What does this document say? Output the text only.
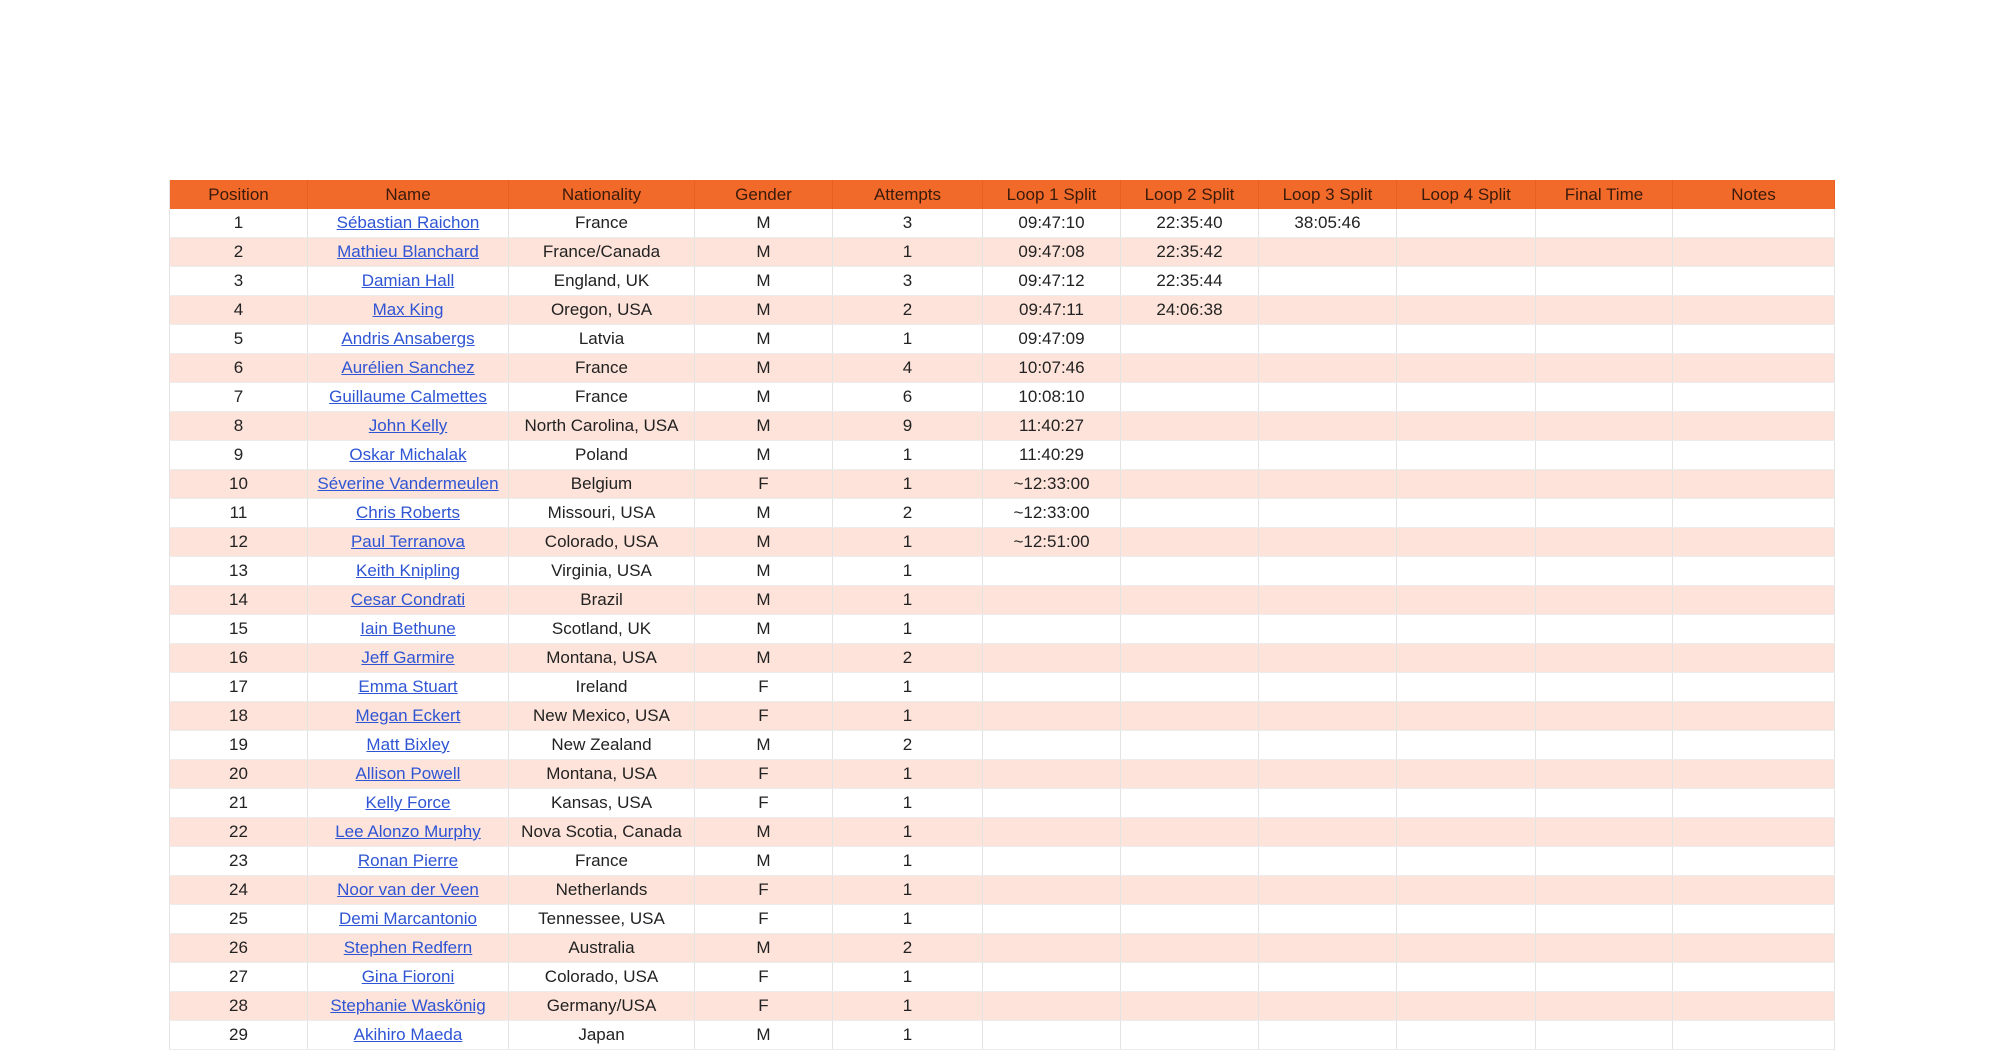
Position	Name	Nationality	Gender	Attempts	Loop 1 Split	Loop 2 Split	Loop 3 Split	Loop 4 Split	Final Time	Notes
1	Sébastian Raichon	France	M	3	09:47:10	22:35:40	38:05:46			
2	Mathieu Blanchard	France/Canada	M	1	09:47:08	22:35:42				
3	Damian Hall	England, UK	M	3	09:47:12	22:35:44				
4	Max King	Oregon, USA	M	2	09:47:11	24:06:38				
5	Andris Ansabergs	Latvia	M	1	09:47:09					
6	Aurélien Sanchez	France	M	4	10:07:46					
7	Guillaume Calmettes	France	M	6	10:08:10					
8	John Kelly	North Carolina, USA	M	9	11:40:27					
9	Oskar Michalak	Poland	M	1	11:40:29					
10	Séverine Vandermeulen	Belgium	F	1	~12:33:00					
11	Chris Roberts	Missouri, USA	M	2	~12:33:00					
12	Paul Terranova	Colorado, USA	M	1	~12:51:00					
13	Keith Knipling	Virginia, USA	M	1						
14	Cesar Condrati	Brazil	M	1						
15	Iain Bethune	Scotland, UK	M	1						
16	Jeff Garmire	Montana, USA	M	2						
17	Emma Stuart	Ireland	F	1						
18	Megan Eckert	New Mexico, USA	F	1						
19	Matt Bixley	New Zealand	M	2						
20	Allison Powell	Montana, USA	F	1						
21	Kelly Force	Kansas, USA	F	1						
22	Lee Alonzo Murphy	Nova Scotia, Canada	M	1						
23	Ronan Pierre	France	M	1						
24	Noor van der Veen	Netherlands	F	1						
25	Demi Marcantonio	Tennessee, USA	F	1						
26	Stephen Redfern	Australia	M	2						
27	Gina Fioroni	Colorado, USA	F	1						
28	Stephanie Waskönig	Germany/USA	F	1						
29	Akihiro Maeda	Japan	M	1						
